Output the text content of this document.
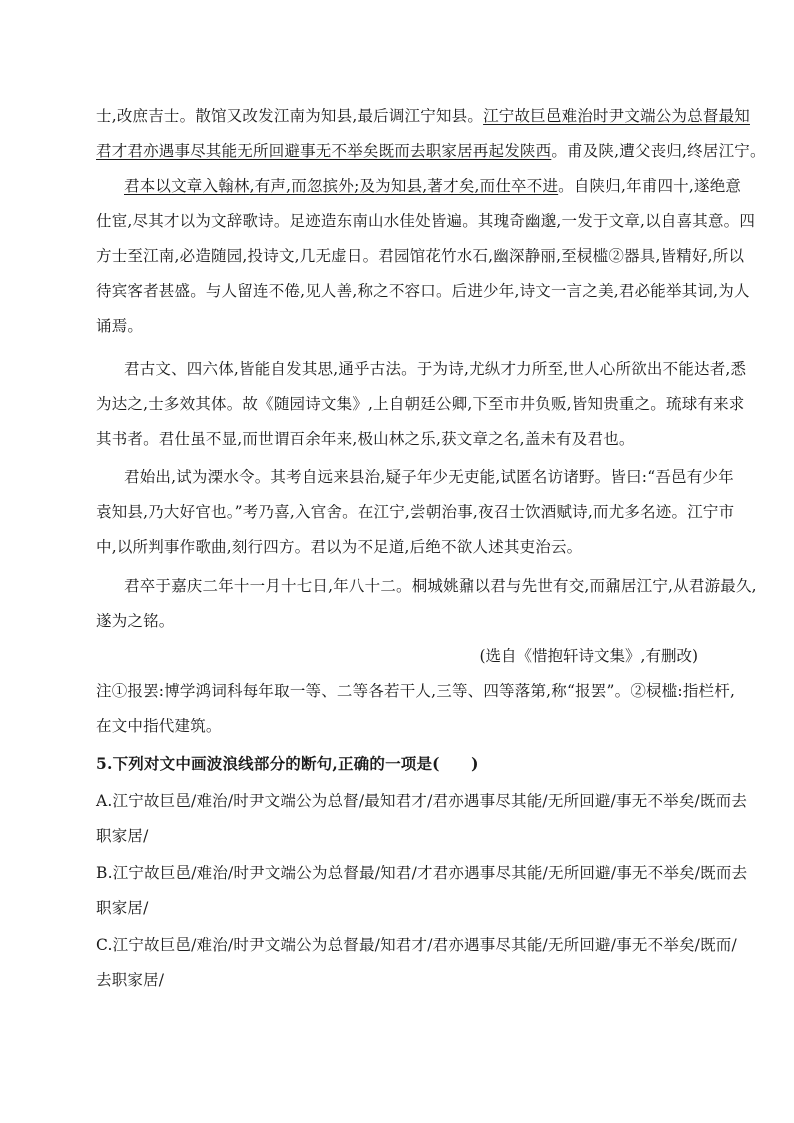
士,改庶吉士。散馆又改发江南为知县,最后调江宁知县。江宁故巨邑难治时尹文端公为总督最知
君才君亦遇事尽其能无所回避事无不举矣既而去职家居再起发陕西。甫及陕,遭父丧归,终居江宁。
君本以文章入翰林,有声,而忽摈外;及为知县,著才矣,而仕卒不进。自陕归,年甫四十,遂绝意
仕宦,尽其才以为文辞歌诗。足迹造东南山水佳处皆遍。其瑰奇幽邈,一发于文章,以自喜其意。四
方士至江南,必造随园,投诗文,几无虚日。君园馆花竹水石,幽深静丽,至棂槛②器具,皆精好,所以
待宾客者甚盛。与人留连不倦,见人善,称之不容口。后进少年,诗文一言之美,君必能举其词,为人
诵焉。
君古文、四六体,皆能自发其思,通乎古法。于为诗,尤纵才力所至,世人心所欲出不能达者,悉
为达之,士多效其体。故《随园诗文集》,上自朝廷公卿,下至市井负贩,皆知贵重之。琉球有来求
其书者。君仕虽不显,而世谓百余年来,极山林之乐,获文章之名,盖未有及君也。
君始出,试为溧水令。其考自远来县治,疑子年少无吏能,试匿名访诸野。皆曰:“吾邑有少年
袁知县,乃大好官也。”考乃喜,入官舍。在江宁,尝朝治事,夜召士饮酒赋诗,而尤多名迹。江宁市
中,以所判事作歌曲,刻行四方。君以为不足道,后绝不欲人述其吏治云。
君卒于嘉庆二年十一月十七日,年八十二。桐城姚鼐以君与先世有交,而鼐居江宁,从君游最久,
遂为之铭。
(选自《惜抱轩诗文集》,有删改)
注①报罢:博学鸿词科每年取一等、二等各若干人,三等、四等落第,称“报罢”。②棂槛:指栏杆,
在文中指代建筑。
5.下列对文中画波浪线部分的断句,正确的一项是(　　)
A.江宁故巨邑/难治/时尹文端公为总督/最知君才/君亦遇事尽其能/无所回避/事无不举矣/既而去
职家居/
B.江宁故巨邑/难治/时尹文端公为总督最/知君/才君亦遇事尽其能/无所回避/事无不举矣/既而去
职家居/
C.江宁故巨邑/难治/时尹文端公为总督最/知君才/君亦遇事尽其能/无所回避/事无不举矣/既而/
去职家居/
